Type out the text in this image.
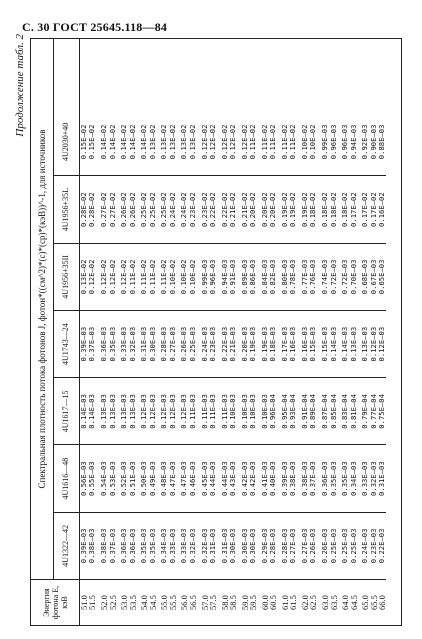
С. 30 ГОСТ 25645.118—84
Продолжение табл. 2
Энергия фотона Е, кэВ
Спектральная плотность потока фотонов J, фотон*((см^2)*(с)*(ср)*(кэВ))^-1, для источников
4U1322—42
4U1616—48
4U1617—15
4U1743—24
4U1956+35II
4U1956+35L
4U2030+40
51.0
51.5
0.39E—03
0.38E—03
0.56E—03
0.55E—03
0.14E—03
0.14E—03
0.39E—03
0.37E—03
0.13E—02
0.12E—02
0.28E—02
0.28E—02
0.15E—02
0.15E—02
52.0
52.5
0.38E—03
0.37E—03
0.54E—03
0.53E—03
0.13E—03
0.13E—03
0.36E—03
0.35E—03
0.12E—02
0.12E—02
0.27E—02
0.27E—02
0.14E—02
0.14E—02
53.0
53.5
0.36E—03
0.36E—03
0.52E—03
0.51E—03
0.13E—03
0.13E—03
0.33E—03
0.32E—03
0.12E—02
0.11E—02
0.26E—02
0.26E—02
0.14E—02
0.14E—02
54.0
54.5
0.35E—03
0.35E—03
0.50E—03
0.49E—03
0.12E—03
0.12E—03
0.31E—03
0.30E—03
0.11E—02
0.11E—02
0.25E—02
0.25E—02
0.14E—02
0.13E—02
55.0
55.5
0.34E—03
0.33E—03
0.48E—03
0.47E—03
0.12E—03
0.12E—03
0.28E—03
0.27E—03
0.11E—02
0.10E—02
0.25E—02
0.24E—02
0.13E—02
0.13E—02
56.0
56.5
0.33E—03
0.32E—03
0.47E—03
0.46E—03
0.12E—03
0.11E—03
0.26E—03
0.25E—03
0.10E—02
0.10E—02
0.24E—02
0.23E—02
0.13E—02
0.13E—02
57.0
57.5
0.32E—03
0.31E—03
0.45E—03
0.44E—03
0.11E—03
0.11E—03
0.24E—03
0.23E—03
0.99E—03
0.96E—03
0.23E—02
0.22E—02
0.12E—02
0.12E—02
58.0
58.5
0.31E—03
0.30E—03
0.44E—03
0.43E—03
0.11E—03
0.10E—03
0.22E—03
0.21E—03
0.94E—03
0.91E—03
0.22E—02
0.21E—02
0.12E—02
0.12E—02
59.0
59.5
0.30E—03
0.30E—03
0.42E—03
0.42E—03
0.10E—03
0.10E—03
0.20E—03
0.19E—03
0.89E—03
0.86E—03
0.21E—02
0.20E—02
0.12E—02
0.11E—02
60.0
60.5
0.29E—03
0.28E—03
0.41E—03
0.40E—03
0.10E—03
0.96E—04
0.19E—03
0.18E—03
0.84E—03
0.82E—03
0.20E—02
0.20E—02
0.11E—02
0.11E—02
61.0
61.5
0.28E—03
0.27E—03
0.39E—03
0.38E—03
0.95E—04
0.93E—04
0.17E—03
0.16E—03
0.80E—03
0.78E—03
0.19E—02
0.19E—02
0.11E—02
0.11E—02
62.0
62.5
0.27E—03
0.26E—03
0.38E—03
0.37E—03
0.91E—04
0.89E—04
0.16E—03
0.15E—03
0.77E—03
0.76E—03
0.19E—02
0.18E—02
0.10E—02
0.10E—02
63.0
63.5
0.26E—03
0.25E—03
0.36E—03
0.35E—03
0.87E—04
0.85E—04
0.15E—03
0.14E—03
0.74E—03
0.72E—03
0.18E—02
0.18E—02
0.99E—03
0.96E—03
64.0
64.5
0.25E—03
0.25E—03
0.35E—03
0.34E—03
0.83E—04
0.81E—04
0.14E—03
0.13E—03
0.72E—03
0.70E—03
0.18E—02
0.17E—02
0.96E—03
0.94E—03
65.0
65.5
66.0
0.24E—03
0.23E—03
0.22E—03
0.33E—03
0.32E—03
0.31E—03
0.79E—04
0.77E—04
0.75E—04
0.13E—03
0.12E—03
0.12E—03
0.68E—03
0.67E—03
0.65E—03
0.17E—02
0.17E—02
0.16E—02
0.92E—03
0.90E—03
0.88E—03
